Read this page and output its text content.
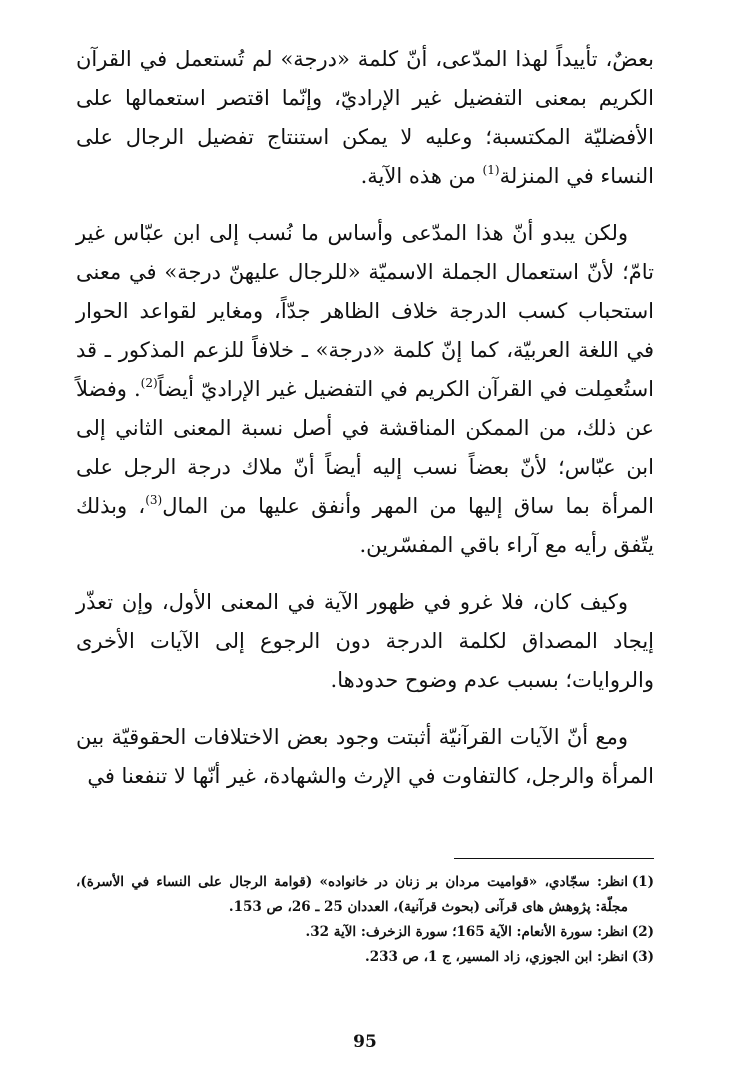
بعضٌ، تأييداً لهذا المدّعى، أنّ كلمة «درجة» لم تُستعمل في القرآن الكريم بمعنى التفضيل غير الإراديّ، وإنّما اقتصر استعمالها على الأفضليّة المكتسبة؛ وعليه لا يمكن استنتاج تفضيل الرجال على النساء في المنزلة$^{(1)}$ من هذه الآية.

ولكن يبدو أنّ هذا المدّعى وأساس ما نُسب إلى ابن عبّاس غير تامّ؛ لأنّ استعمال الجملة الاسميّة «للرجال عليهنّ درجة» في معنى استحباب كسب الدرجة خلاف الظاهر جدّاً، ومغاير لقواعد الحوار في اللغة العربيّة، كما إنّ كلمة «درجة» ـ خلافاً للزعم المذكور ـ قد استُعمِلت في القرآن الكريم في التفضيل غير الإراديّ أيضاً$^{(2)}$. وفضلاً عن ذلك، من الممكن المناقشة في أصل نسبة المعنى الثاني إلى ابن عبّاس؛ لأنّ بعضاً نسب إليه أيضاً أنّ ملاك درجة الرجل على المرأة بما ساق إليها من المهر وأنفق عليها من المال$^{(3)}$، وبذلك يتّفق رأيه مع آراء باقي المفسّرين.

وكيف كان، فلا غرو في ظهور الآية في المعنى الأول، وإن تعذّر إيجاد المصداق لكلمة الدرجة دون الرجوع إلى الآيات الأخرى والروايات؛ بسبب عدم وضوح حدودها.

ومع أنّ الآيات القرآنيّة أثبتت وجود بعض الاختلافات الحقوقيّة بين المرأة والرجل، كالتفاوت في الإرث والشهادة، غير أنّها لا تنفعنا في

(1)
انظر: سجّادي، «قواميت مردان بر زنان در خانواده» (قوامة الرجال على النساء في الأسرة)، مجلّة: پژوهش هاى قرآنى (بحوث قرآنية)، العددان 25 ـ 26، ص 153.
(2)
انظر: سورة الأنعام: الآية 165؛ سورة الزخرف: الآية 32.
(3)
انظر: ابن الجوزي، زاد المسير، ج 1، ص 233.
95
